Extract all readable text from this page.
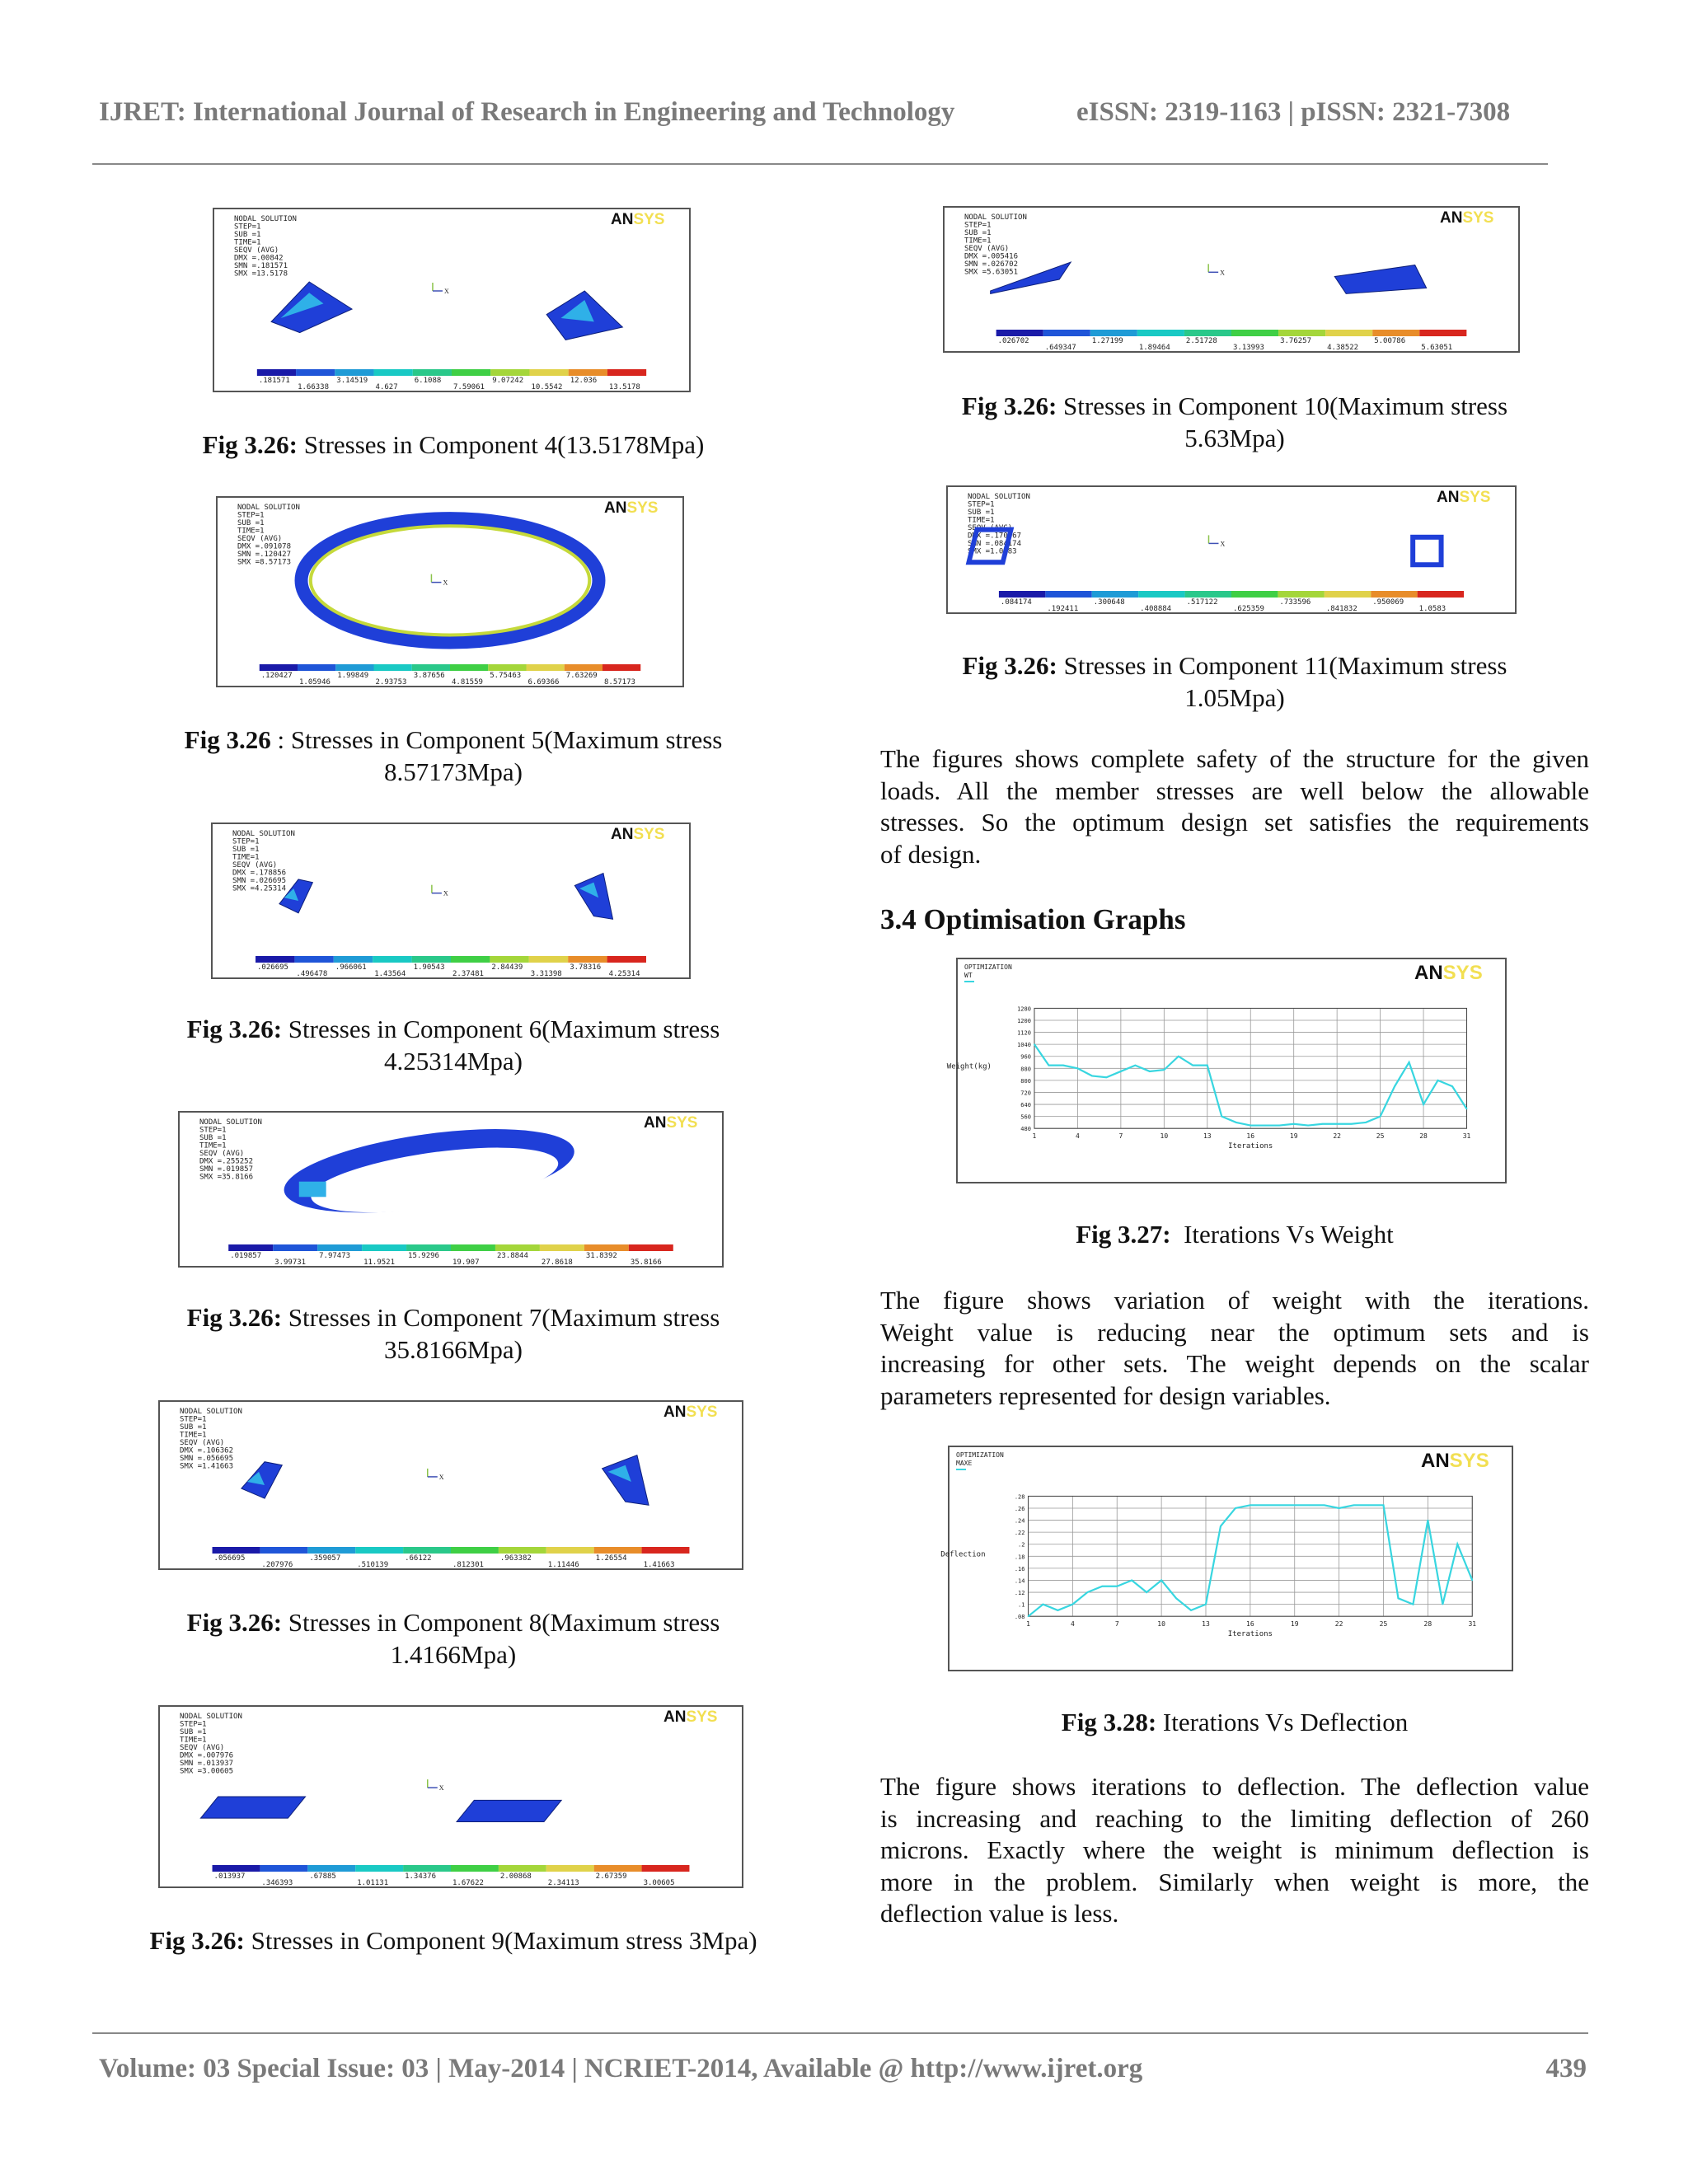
IJRET: International Journal of Research in Engineering and Technology	eISSN: 2319-1163 | pISSN: 2321-7308
NODAL SOLUTION
STEP=1
SUB =1
TIME=1
SEQV (AVG)
DMX =.00842
SMN =.181571
SMX =13.5178
ANSYS
X
.181571	3.14519	6.1088	9.07242	12.036
1.66338	4.627	7.59061	10.5542	13.5178
Fig 3.26: Stresses in Component 4(13.5178Mpa)
NODAL SOLUTION
STEP=1
SUB =1
TIME=1
SEQV (AVG)
DMX =.091078
SMN =.120427
SMX =8.57173
ANSYS
X
.120427	1.99849	3.87656	5.75463	7.63269
1.05946	2.93753	4.81559	6.69366	8.57173
Fig 3.26 : Stresses in Component 5(Maximum stress
8.57173Mpa)
NODAL SOLUTION
STEP=1
SUB =1
TIME=1
SEQV (AVG)
DMX =.178856
SMN =.026695
SMX =4.25314
ANSYS
X
.026695	.966061	1.90543	2.84439	3.78316
.496478	1.43564	2.37481	3.31398	4.25314
Fig 3.26: Stresses in Component 6(Maximum stress
4.25314Mpa)
NODAL SOLUTION
STEP=1
SUB =1
TIME=1
SEQV (AVG)
DMX =.255252
SMN =.019857
SMX =35.8166
ANSYS
.019857	7.97473	15.9296	23.8844	31.8392
3.99731	11.9521	19.907	27.8618	35.8166
Fig 3.26: Stresses in Component 7(Maximum stress
35.8166Mpa)
NODAL SOLUTION
STEP=1
SUB =1
TIME=1
SEQV (AVG)
DMX =.106362
SMN =.056695
SMX =1.41663
ANSYS
X
.056695	.359057	.66122	.963382	1.26554
.207976	.510139	.812301	1.11446	1.41663
Fig 3.26: Stresses in Component 8(Maximum stress
1.4166Mpa)
NODAL SOLUTION
STEP=1
SUB =1
TIME=1
SEQV (AVG)
DMX =.007976
SMN =.013937
SMX =3.00605
ANSYS
X
.013937	.67885	1.34376	2.00868	2.67359
.346393	1.01131	1.67622	2.34113	3.00605
Fig 3.26: Stresses in Component 9(Maximum stress 3Mpa)
NODAL SOLUTION
STEP=1
SUB =1
TIME=1
SEQV (AVG)
DMX =.005416
SMN =.026702
SMX =5.63051
ANSYS
X
.026702	1.27199	2.51728	3.76257	5.00786
.649347	1.89464	3.13993	4.38522	5.63051
Fig 3.26: Stresses in Component 10(Maximum stress
5.63Mpa)
NODAL SOLUTION
STEP=1
SUB =1
TIME=1
SEQV (AVG)
DMX =.170367
SMN =.084174
SMX =1.0583
ANSYS
X
.084174	.300648	.517122	.733596	.950069
.192411	.408884	.625359	.841832	1.0583
Fig 3.26: Stresses in Component 11(Maximum stress
1.05Mpa)
The figures shows complete safety of the structure for the given
loads. All the member stresses are well below the allowable
stresses. So the optimum design set satisfies the requirements
of design.
3.4 Optimisation Graphs
OPTIMIZATION
WT	ANSYS
1	4	7	10	13	16	19	22	25	28	31
480
560
640
720
800
880
960
1040
1120
1200
1280
Weight(kg)
Iterations
Fig 3.27: Iterations Vs Weight
The figure shows variation of weight with the iterations.
Weight value is reducing near the optimum sets and is
increasing for other sets. The weight depends on the scalar
parameters represented for design variables.
OPTIMIZATION
MAXE	ANSYS
1	4	7	10	13	16	19	22	25	28	31
.08
.1
.12
.14
.16
.18
.2
.22
.24
.26
.28
Deflection
Iterations
Fig 3.28: Iterations Vs Deflection
The figure shows iterations to deflection. The deflection value
is increasing and reaching to the limiting deflection of 260
microns. Exactly where the weight is minimum deflection is
more in the problem. Similarly when weight is more, the
deflection value is less.
Volume: 03 Special Issue: 03 | May-2014 | NCRIET-2014, Available @ http://www.ijret.org	439
